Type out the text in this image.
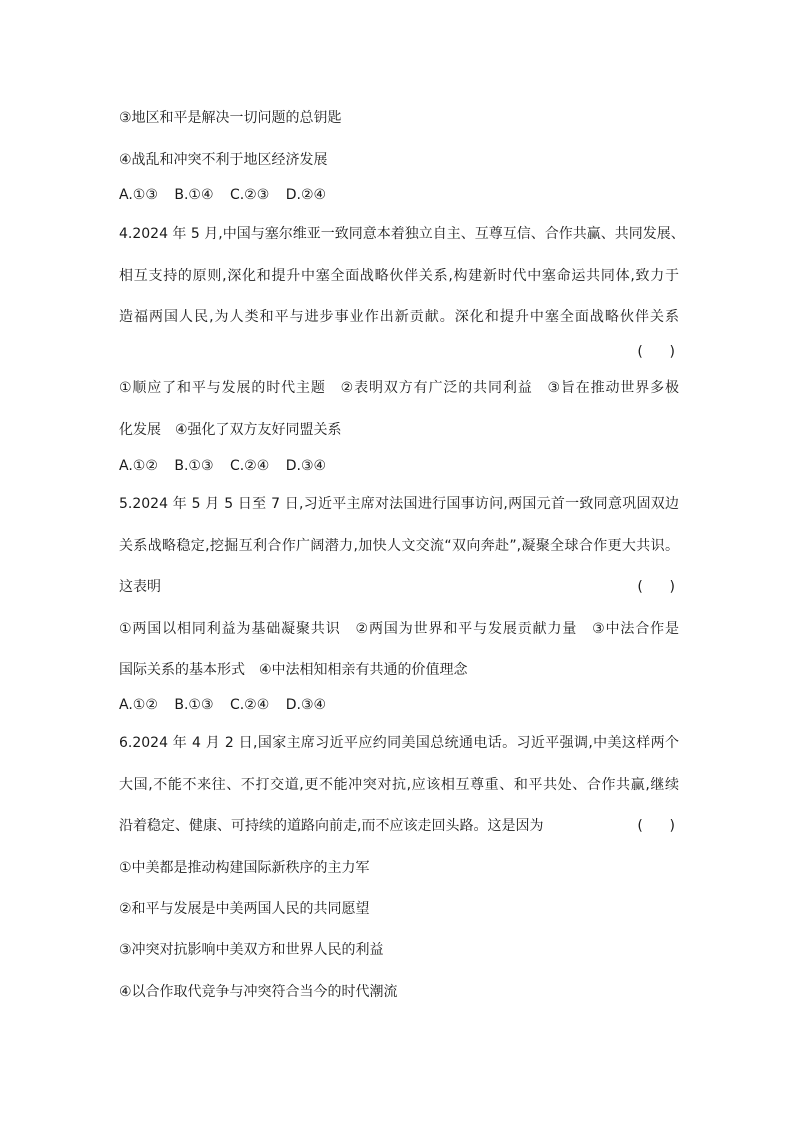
③地区和平是解决一切问题的总钥匙
④战乱和冲突不利于地区经济发展
A.①③ B.①④ C.②③ D.②④
4.2024 年 5 月,中国与塞尔维亚一致同意本着独立自主、互尊互信、合作共赢、共同发展、
相互支持的原则,深化和提升中塞全面战略伙伴关系,构建新时代中塞命运共同体,致力于
造福两国人民,为人类和平与进步事业作出新贡献。深化和提升中塞全面战略伙伴关系
(      )
①顺应了和平与发展的时代主题　②表明双方有广泛的共同利益　③旨在推动世界多极
化发展　④强化了双方友好同盟关系
A.①② B.①③ C.②④ D.③④
5.2024 年 5 月 5 日至 7 日,习近平主席对法国进行国事访问,两国元首一致同意巩固双边
关系战略稳定,挖掘互利合作广阔潜力,加快人文交流“双向奔赴”,凝聚全球合作更大共识。
这表明	(      )
①两国以相同利益为基础凝聚共识　②两国为世界和平与发展贡献力量　③中法合作是
国际关系的基本形式　④中法相知相亲有共通的价值理念
A.①② B.①③ C.②④ D.③④
6.2024 年 4 月 2 日,国家主席习近平应约同美国总统通电话。习近平强调,中美这样两个
大国,不能不来往、不打交道,更不能冲突对抗,应该相互尊重、和平共处、合作共赢,继续
沿着稳定、健康、可持续的道路向前走,而不应该走回头路。这是因为	(      )
①中美都是推动构建国际新秩序的主力军
②和平与发展是中美两国人民的共同愿望
③冲突对抗影响中美双方和世界人民的利益
④以合作取代竞争与冲突符合当今的时代潮流
